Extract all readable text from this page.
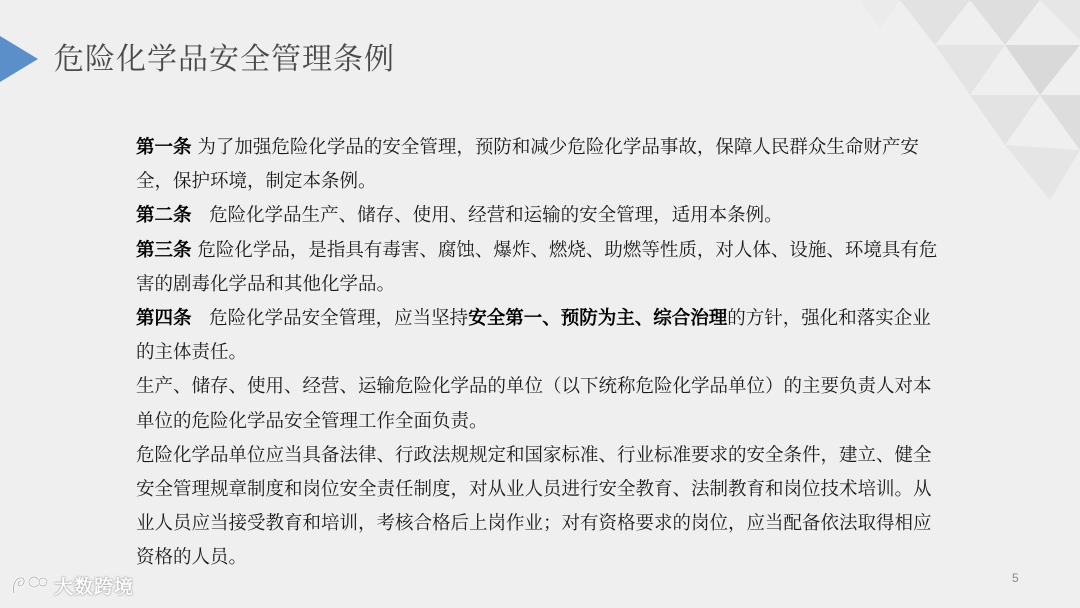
危险化学品安全管理条例

第一条 为了加强危险化学品的安全管理，预防和减少危险化学品事故，保障人民群众生命财产安全，保护环境，制定本条例。

第二条 危险化学品生产、储存、使用、经营和运输的安全管理，适用本条例。

第三条 危险化学品，是指具有毒害、腐蚀、爆炸、燃烧、助燃等性质，对人体、设施、环境具有危害的剧毒化学品和其他化学品。

第四条 危险化学品安全管理，应当坚持安全第一、预防为主、综合治理的方针，强化和落实企业的主体责任。

生产、储存、使用、经营、运输危险化学品的单位（以下统称危险化学品单位）的主要负责人对本单位的危险化学品安全管理工作全面负责。

危险化学品单位应当具备法律、行政法规规定和国家标准、行业标准要求的安全条件，建立、健全安全管理规章制度和岗位安全责任制度，对从业人员进行安全教育、法制教育和岗位技术培训。从业人员应当接受教育和培训，考核合格后上岗作业；对有资格要求的岗位，应当配备依法取得相应资格的人员。

大数跨境	5
